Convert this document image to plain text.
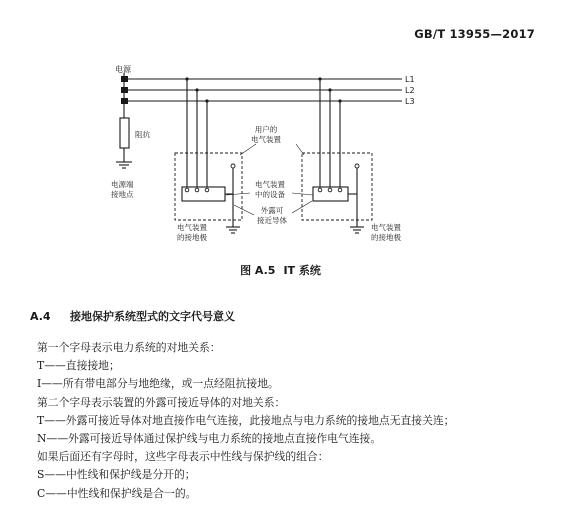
GB/T 13955—2017
电源
L1
L2
L3
阻抗
电源端
接地点
用户的
电气装置
电气装置
中的设备
外露可
接近导体
电气装置
的接地极
电气装置
的接地极
图 A.5 IT 系统
A.4 接地保护系统型式的文字代号意义

第一个字母表示电力系统的对地关系：

T——直接接地；

I——所有带电部分与地绝缘，或一点经阻抗接地。

第二个字母表示装置的外露可接近导体的对地关系：

T——外露可接近导体对地直接作电气连接，此接地点与电力系统的接地点无直接关连；

N——外露可接近导体通过保护线与电力系统的接地点直接作电气连接。

如果后面还有字母时，这些字母表示中性线与保护线的组合：

S——中性线和保护线是分开的；

C——中性线和保护线是合一的。
